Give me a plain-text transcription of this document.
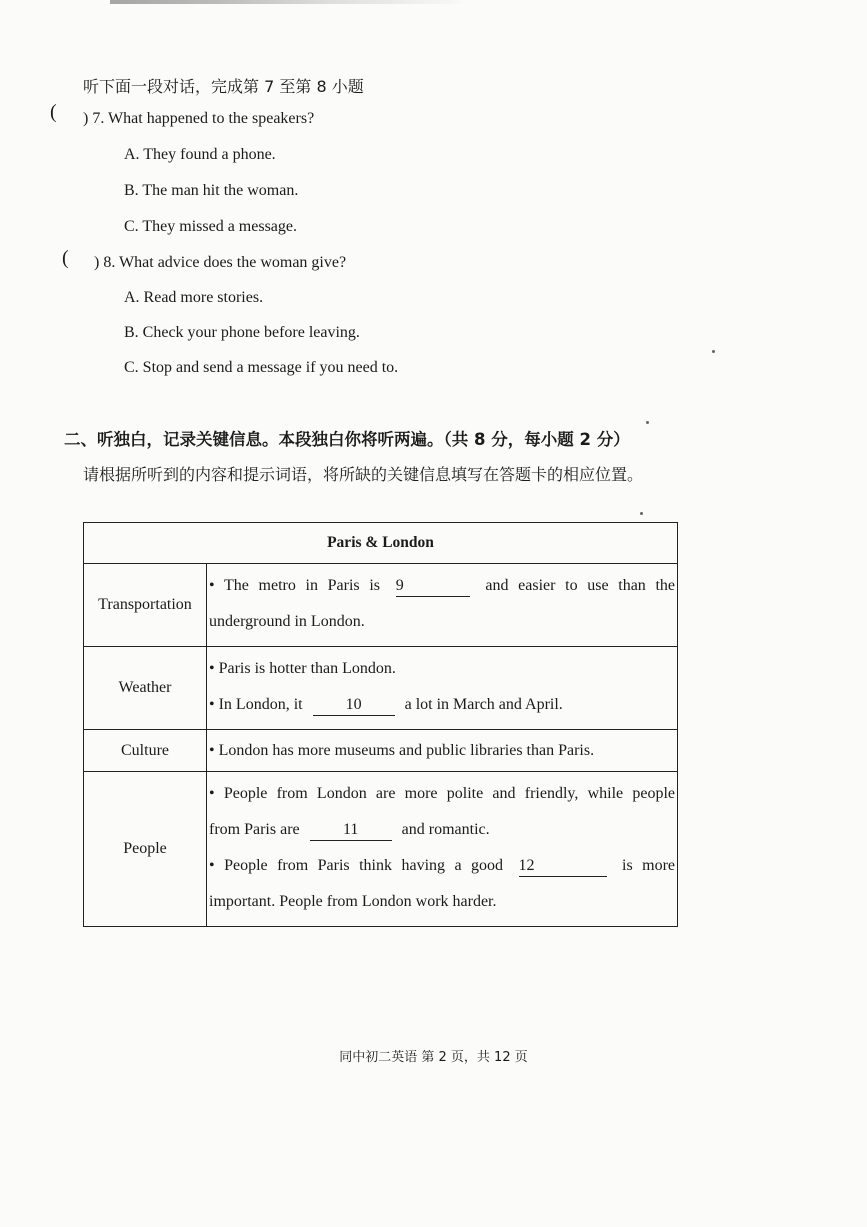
听下面一段对话，完成第 7 至第 8 小题
( ) 7. What happened to the speakers?
A. They found a phone.
B. The man hit the woman.
C. They missed a message.
( ) 8. What advice does the woman give?
A. Read more stories.
B. Check your phone before leaving.
C. Stop and send a message if you need to.
二、听独白，记录关键信息。本段独白你将听两遍。（共 8 分，每小题 2 分）
请根据所听到的内容和提示词语，将所缺的关键信息填写在答题卡的相应位置。
Paris & London	
Transportation	• The metro in Paris is 9 and easier to use than the

underground in London.

Weather	• Paris is hotter than London.

• In London, it 10 a lot in March and April.

Culture	• London has more museums and public libraries than Paris.

People	• People from London are more polite and friendly, while people

from Paris are 11 and romantic.

• People from Paris think having a good 12 is more

important. People from London work harder.

同中初二英语 第 2 页，共 12 页
